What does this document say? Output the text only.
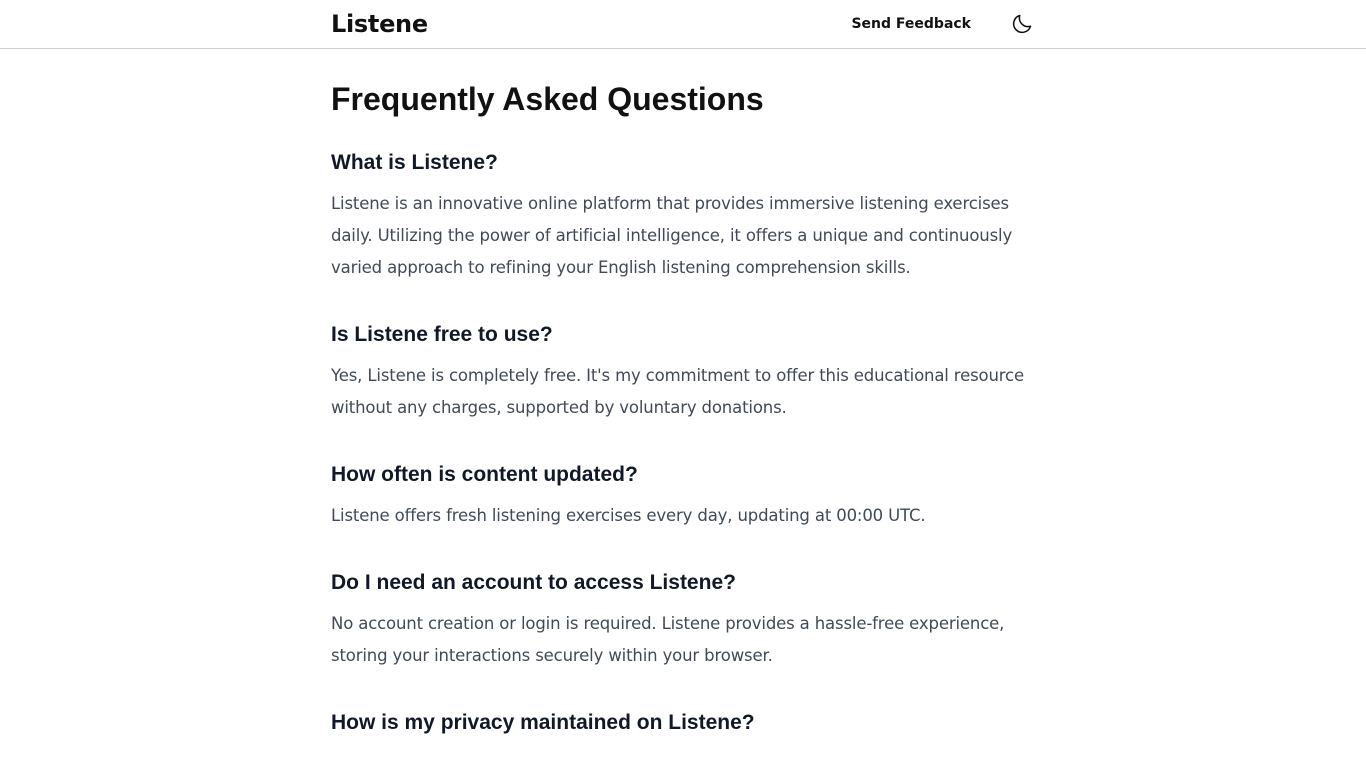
Listene	Send Feedback
Frequently Asked Questions
What is Listene?

Listene is an innovative online platform that provides immersive listening exercises daily. Utilizing the power of artificial intelligence, it offers a unique and continuously varied approach to refining your English listening comprehension skills.

Is Listene free to use?

Yes, Listene is completely free. It's my commitment to offer this educational resource without any charges, supported by voluntary donations.

How often is content updated?

Listene offers fresh listening exercises every day, updating at 00:00 UTC.

Do I need an account to access Listene?

No account creation or login is required. Listene provides a hassle-free experience, storing your interactions securely within your browser.

How is my privacy maintained on Listene?
